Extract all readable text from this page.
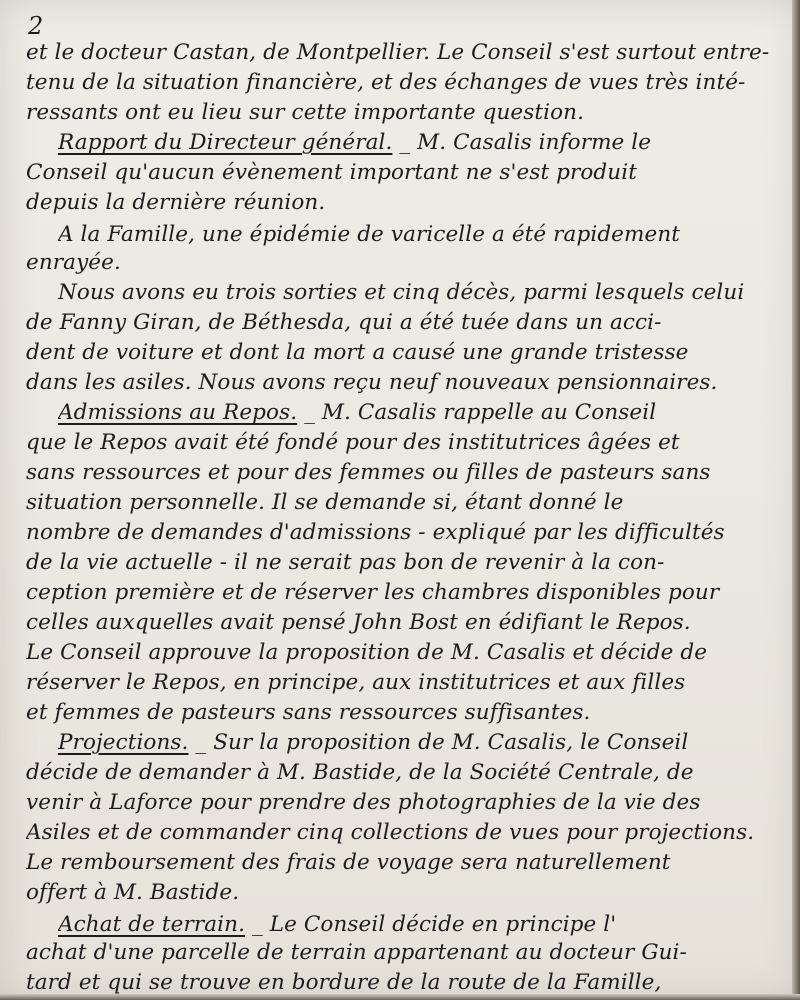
2
et le docteur Castan, de Montpellier. Le Conseil s'est surtout entre-
tenu de la situation financière, et des échanges de vues très inté-
ressants ont eu lieu sur cette importante question.
Rapport du Directeur général. _ M. Casalis informe le
Conseil qu'aucun évènement important ne s'est produit
depuis la dernière réunion.
A la Famille, une épidémie de varicelle a été rapidement
enrayée.
Nous avons eu trois sorties et cinq décès, parmi lesquels celui
de Fanny Giran, de Béthesda, qui a été tuée dans un acci-
dent de voiture et dont la mort a causé une grande tristesse
dans les asiles. Nous avons reçu neuf nouveaux pensionnaires.
Admissions au Repos. _ M. Casalis rappelle au Conseil
que le Repos avait été fondé pour des institutrices âgées et
sans ressources et pour des femmes ou filles de pasteurs sans
situation personnelle. Il se demande si, étant donné le
nombre de demandes d'admissions - expliqué par les difficultés
de la vie actuelle - il ne serait pas bon de revenir à la con-
ception première et de réserver les chambres disponibles pour
celles auxquelles avait pensé John Bost en édifiant le Repos.
Le Conseil approuve la proposition de M. Casalis et décide de
réserver le Repos, en principe, aux institutrices et aux filles
et femmes de pasteurs sans ressources suffisantes.
Projections. _ Sur la proposition de M. Casalis, le Conseil
décide de demander à M. Bastide, de la Société Centrale, de
venir à Laforce pour prendre des photographies de la vie des
Asiles et de commander cinq collections de vues pour projections.
Le remboursement des frais de voyage sera naturellement
offert à M. Bastide.
Achat de terrain. _ Le Conseil décide en principe l'
achat d'une parcelle de terrain appartenant au docteur Gui-
tard et qui se trouve en bordure de la route de la Famille,
